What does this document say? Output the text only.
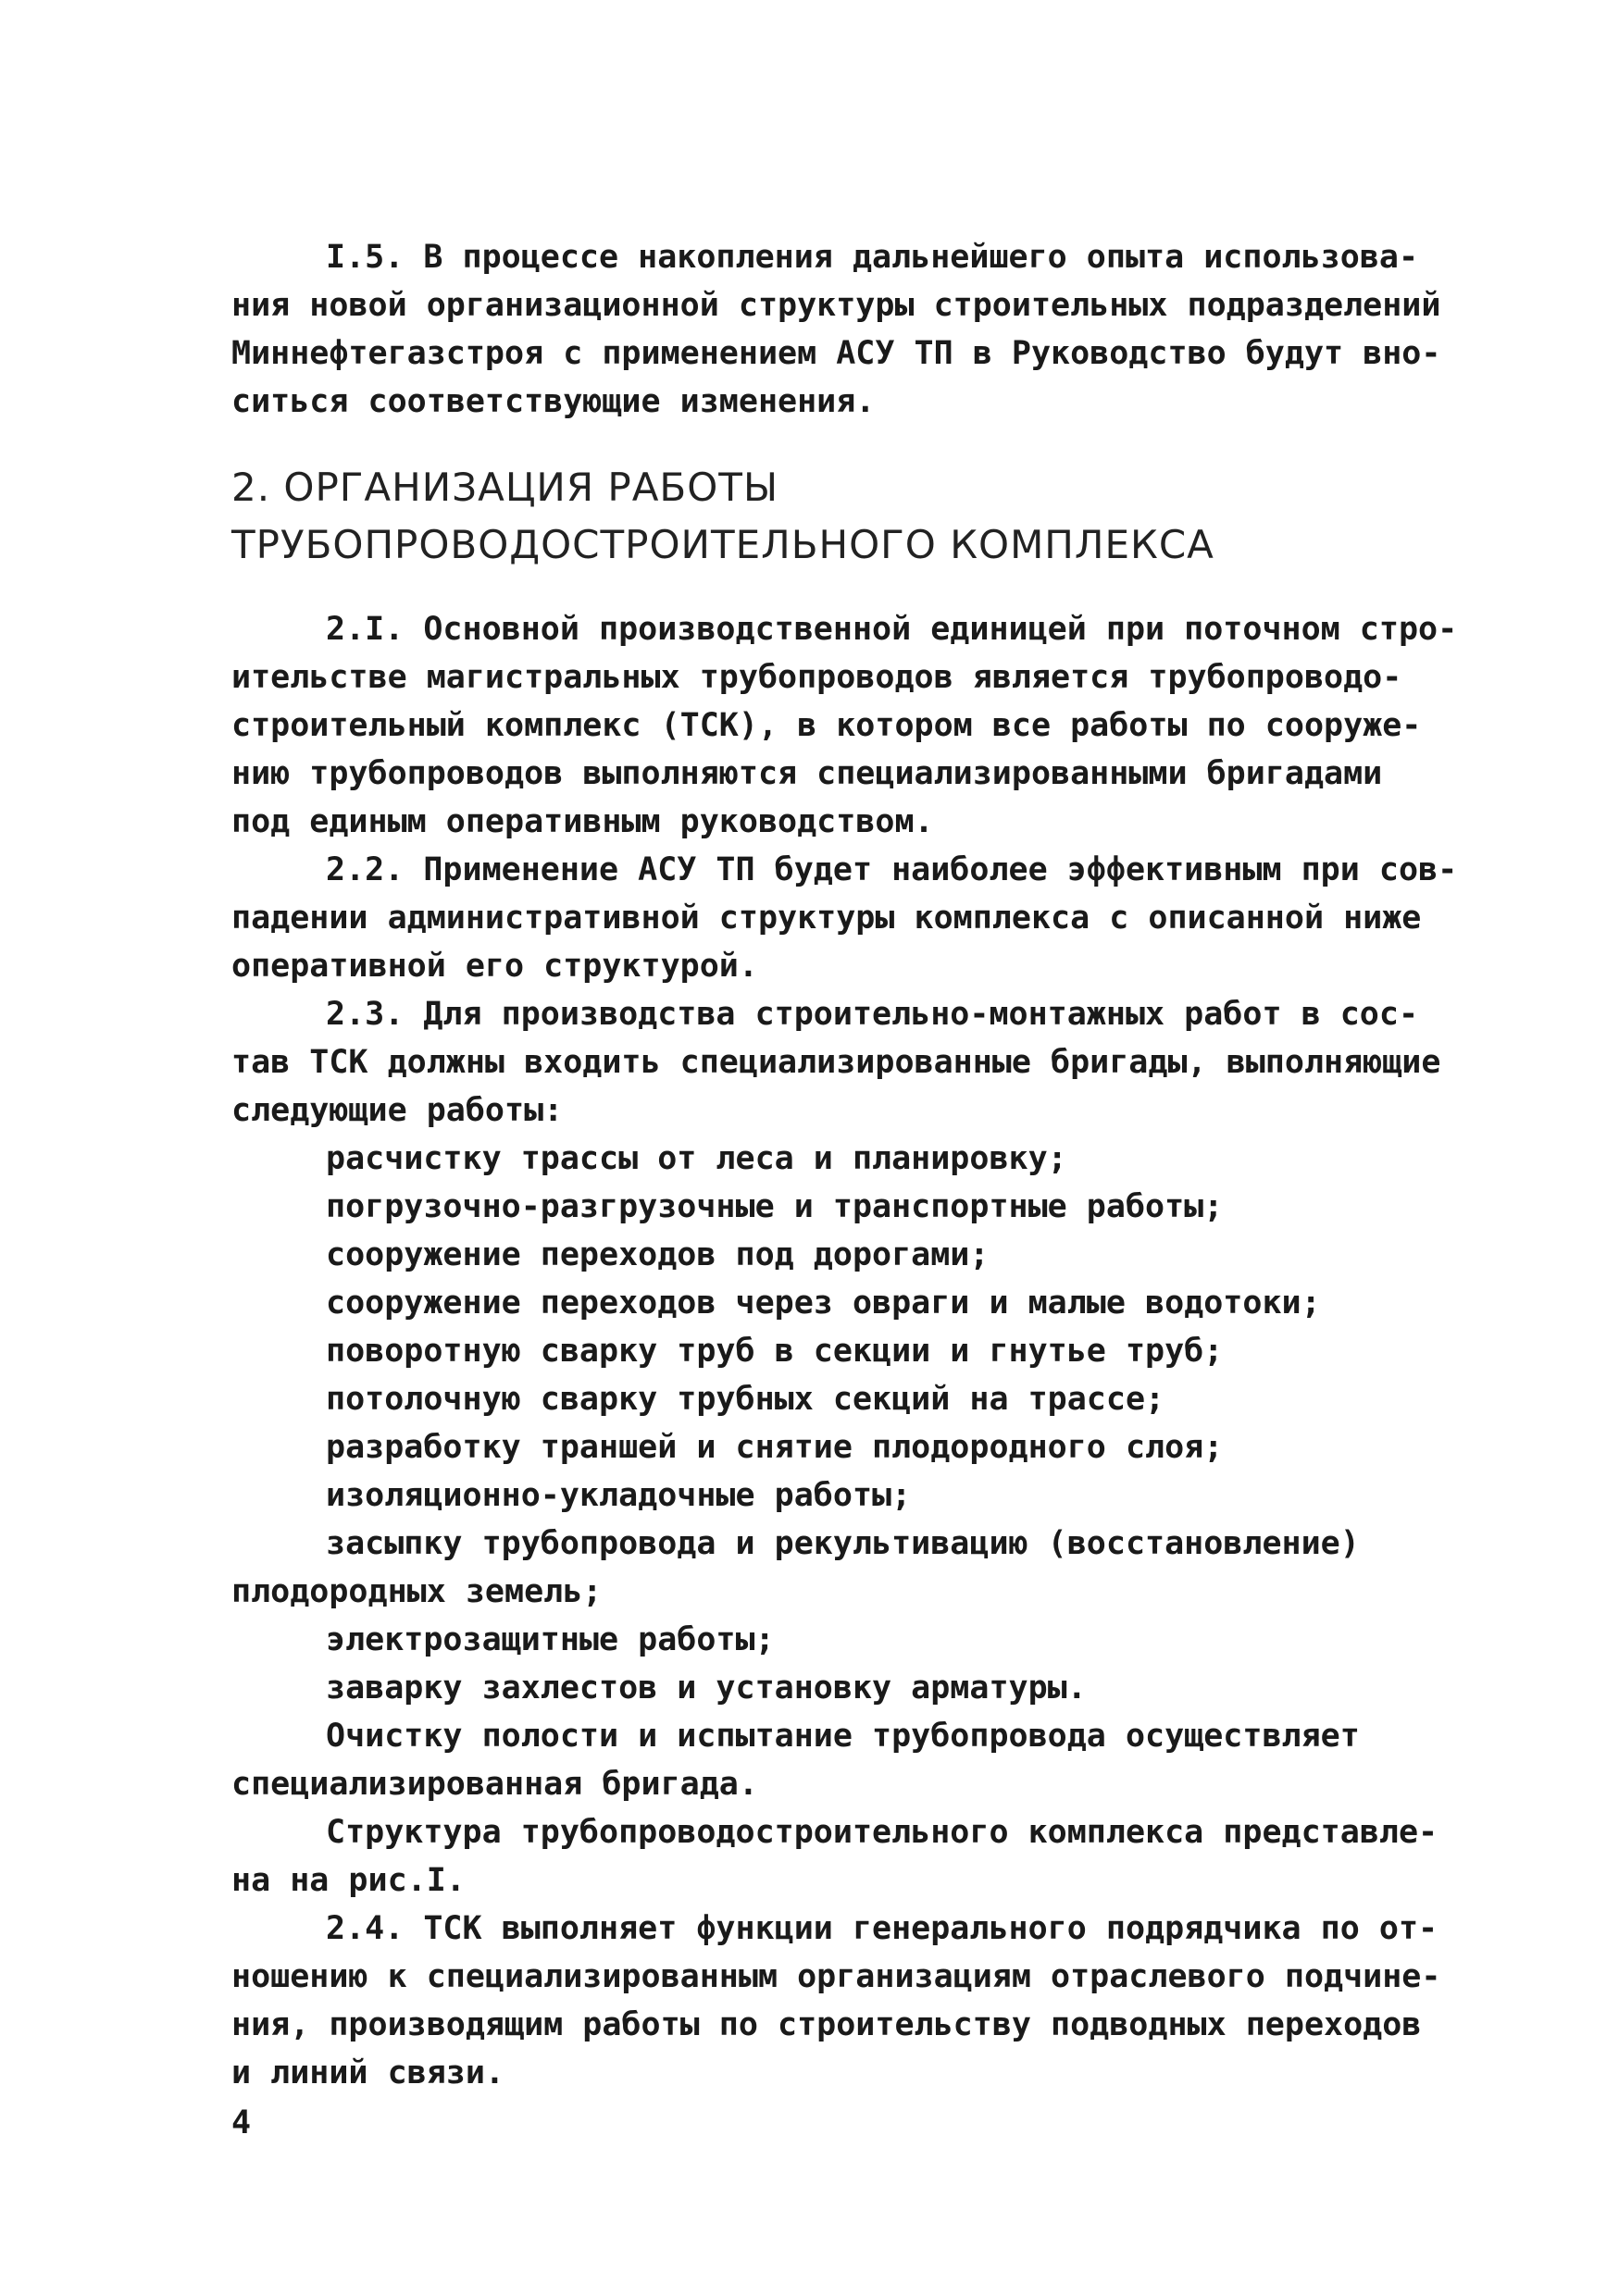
I.5. В процессе накопления дальнейшего опыта использова-
ния новой организационной структуры строительных подразделений
Миннефтегазстроя с применением АСУ ТП в Руководство будут вно-
ситься соответствующие изменения.
2. ОРГАНИЗАЦИЯ РАБОТЫ
ТРУБОПРОВОДОСТРОИТЕЛЬНОГО КОМПЛЕКСА
2.I. Основной производственной единицей при поточном стро-
ительстве магистральных трубопроводов является трубопроводо-
строительный комплекс (ТСК), в котором все работы по сооруже-
нию трубопроводов выполняются специализированными бригадами
под единым оперативным руководством.
2.2. Применение АСУ ТП будет наиболее эффективным при сов-
падении административной структуры комплекса с описанной ниже
оперативной его структурой.
2.3. Для производства строительно-монтажных работ в сос-
тав ТСК должны входить специализированные бригады, выполняющие
следующие работы:
расчистку трассы от леса и планировку;
погрузочно-разгрузочные и транспортные работы;
сооружение переходов под дорогами;
сооружение переходов через овраги и малые водотоки;
поворотную сварку труб в секции и гнутье труб;
потолочную сварку трубных секций на трассе;
разработку траншей и снятие плодородного слоя;
изоляционно-укладочные работы;
засыпку трубопровода и рекультивацию (восстановление)
плодородных земель;
электрозащитные работы;
заварку захлестов и установку арматуры.
Очистку полости и испытание трубопровода осуществляет
специализированная бригада.
Структура трубопроводостроительного комплекса представле-
на на рис.I.
2.4. ТСК выполняет функции генерального подрядчика по от-
ношению к специализированным организациям отраслевого подчине-
ния, производящим работы по строительству подводных переходов
и линий связи.
4
